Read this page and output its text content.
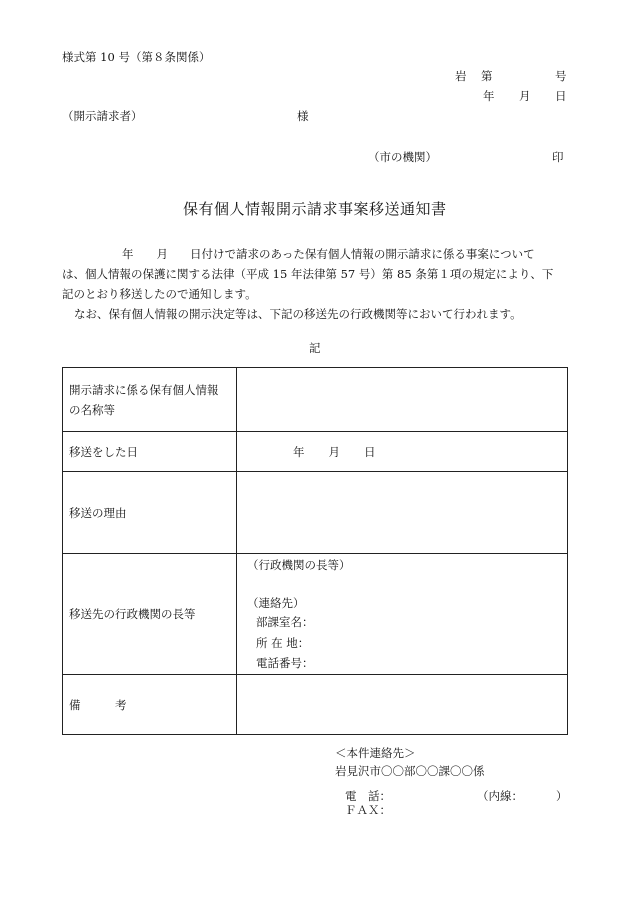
様式第 10 号（第８条関係）
岩 第	号
年 月 日
（開示請求者）	様
（市の機関）	印
保有個人情報開示請求事案移送通知書
年 月 日付けで請求のあった保有個人情報の開示請求に係る事案について
は、個人情報の保護に関する法律（平成 15 年法律第 57 号）第 85 条第１項の規定により、下
記のとおり移送したので通知します。
なお、保有個人情報の開示決定等は、下記の移送先の行政機関等において行われます。
記
開示請求に係る保有個人情報
の名称等	

移送をした日	年 月 日
移送の理由	
移送先の行政機関の長等	（行政機関の長等）
（連絡先）
部課室名：
所 在 地：
電話番号：

備　　　考	
＜本件連絡先＞
岩見沢市〇〇部〇〇課〇〇係
電　話：	（内線：	）
ＦＡＸ：
